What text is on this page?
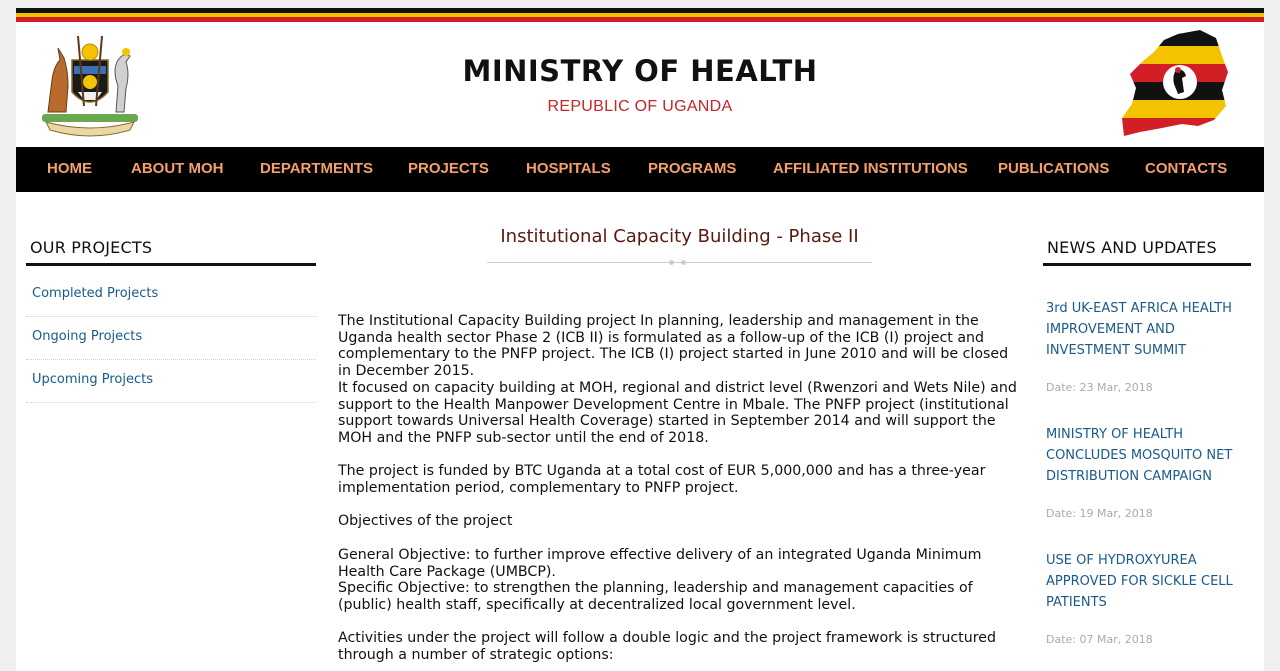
MINISTRY OF HEALTH
REPUBLIC OF UGANDA
HOME	ABOUT MOH DEPARTMENTS PROJECTS HOSPITALS PROGRAMS AFFILIATED INSTITUTIONS PUBLICATIONS CONTACTS
OUR PROJECTS
Completed Projects
Ongoing Projects
Upcoming Projects
Institutional Capacity Building - Phase II

The Institutional Capacity Building project In planning, leadership and management in the Uganda health sector Phase 2 (ICB II) is formulated as a follow-up of the ICB (I) project and complementary to the PNFP project. The ICB (I) project started in June 2010 and will be closed in December 2015.
It focused on capacity building at MOH, regional and district level (Rwenzori and Wets Nile) and support to the Health Manpower Development Centre in Mbale. The PNFP project (institutional support towards Universal Health Coverage) started in September 2014 and will support the MOH and the PNFP sub-sector until the end of 2018.

The project is funded by BTC Uganda at a total cost of EUR 5,000,000 and has a three-year implementation period, complementary to PNFP project.

Objectives of the project

General Objective: to further improve effective delivery of an integrated Uganda Minimum Health Care Package (UMBCP).
Specific Objective: to strengthen the planning, leadership and management capacities of (public) health staff, specifically at decentralized local government level.

Activities under the project will follow a double logic and the project framework is structured through a number of strategic options:

NEWS AND UPDATES
3rd UK-EAST AFRICA HEALTH IMPROVEMENT AND INVESTMENT SUMMIT
Date: 23 Mar, 2018
MINISTRY OF HEALTH CONCLUDES MOSQUITO NET DISTRIBUTION CAMPAIGN
Date: 19 Mar, 2018
USE OF HYDROXYUREA APPROVED FOR SICKLE CELL PATIENTS
Date: 07 Mar, 2018
